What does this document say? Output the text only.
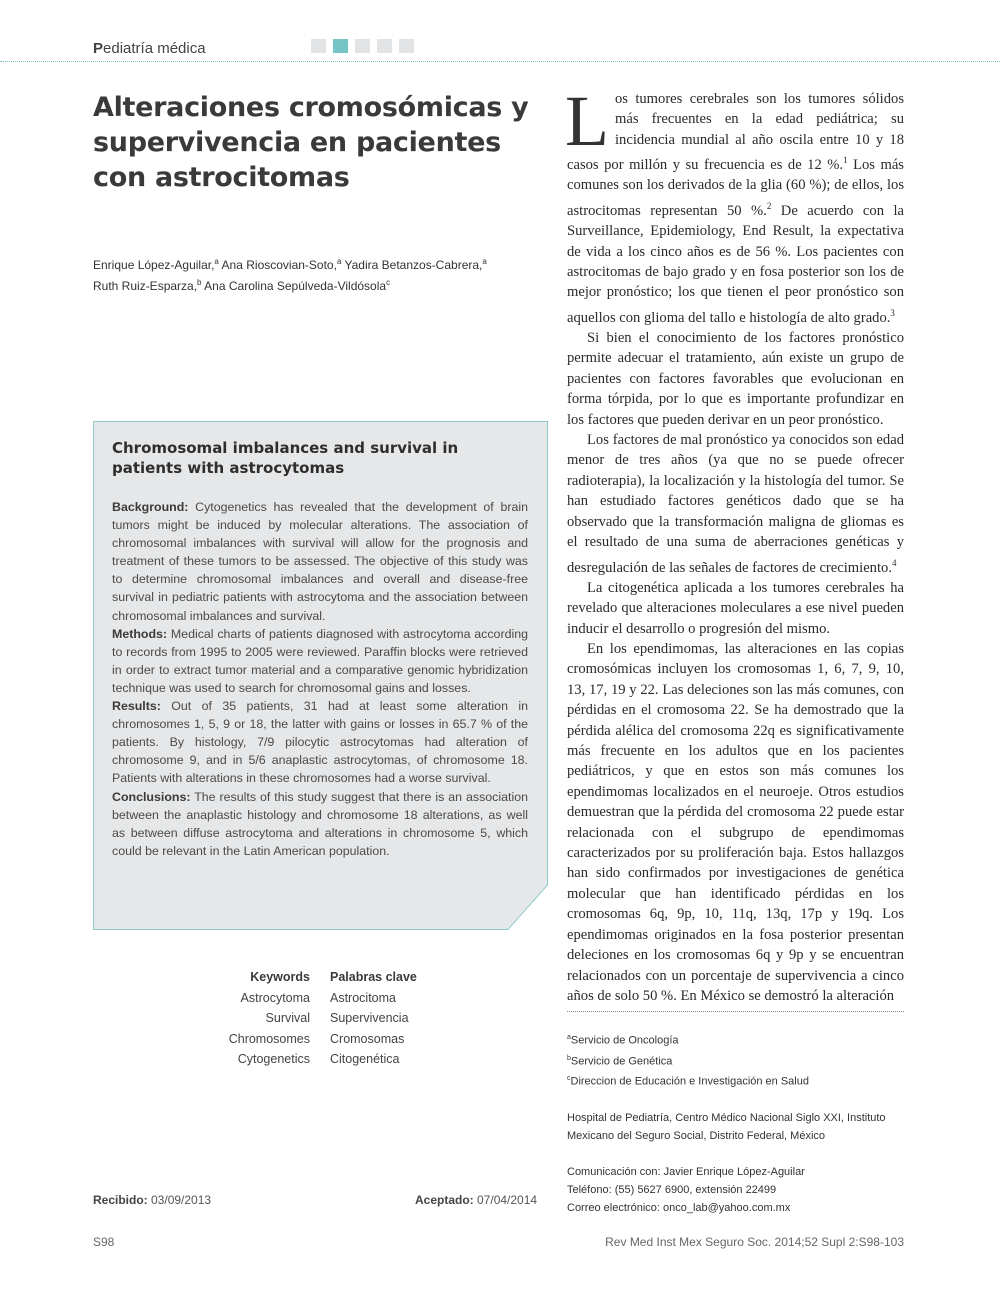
Pediatría médica
Alteraciones cromosómicas y supervivencia en pacientes con astrocitomas
Enrique López-Aguilar,$^a$ Ana Rioscovian-Soto,$^a$ Yadira Betanzos-Cabrera,$^a$
Ruth Ruiz-Esparza,$^b$ Ana Carolina Sepúlveda-Vildósola$^c$
Chromosomal imbalances and survival in patients with astrocytomas

Background: Cytogenetics has revealed that the development of brain tumors might be induced by molecular alterations. The association of chromosomal imbalances with survival will allow for the prognosis and treatment of these tumors to be assessed. The objective of this study was to determine chromosomal imbalances and overall and disease-free survival in pediatric patients with astrocytoma and the association between chromosomal imbalances and survival.

Methods: Medical charts of patients diagnosed with astrocytoma according to records from 1995 to 2005 were reviewed. Paraffin blocks were retrieved in order to extract tumor material and a comparative genomic hybridization technique was used to search for chromosomal gains and losses.

Results: Out of 35 patients, 31 had at least some alteration in chromosomes 1, 5, 9 or 18, the latter with gains or losses in 65.7 % of the patients. By histology, 7/9 pilocytic astrocytomas had alteration of chromosome 9, and in 5/6 anaplastic astrocytomas, of chromosome 18. Patients with alterations in these chromosomes had a worse survival.

Conclusions: The results of this study suggest that there is an association between the anaplastic histology and chromosome 18 alterations, as well as between diffuse astrocytoma and alterations in chromosome 5, which could be relevant in the Latin American population.

Keywords
Astrocytoma
Survival
Chromosomes
Cytogenetics
Palabras clave
Astrocitoma
Supervivencia
Cromosomas
Citogenética
Recibido: 03/09/2013	Aceptado: 07/04/2014

Los tumores cerebrales son los tumores sólidos más frecuentes en la edad pediátrica; su incidencia mundial al año oscila entre 10 y 18 casos por millón y su frecuencia es de 12 %.$^1$ Los más comunes son los derivados de la glia (60 %); de ellos, los astrocitomas representan 50 %.$^2$ De acuerdo con la Surveillance, Epidemiology, End Result, la expectativa de vida a los cinco años es de 56 %. Los pacientes con astrocitomas de bajo grado y en fosa posterior son los de mejor pronóstico; los que tienen el peor pronóstico son aquellos con glioma del tallo e histología de alto grado.$^3$

Si bien el conocimiento de los factores pronóstico permite adecuar el tratamiento, aún existe un grupo de pacientes con factores favorables que evolucionan en forma tórpida, por lo que es importante profundizar en los factores que pueden derivar en un peor pronóstico.

Los factores de mal pronóstico ya conocidos son edad menor de tres años (ya que no se puede ofrecer radioterapia), la localización y la histología del tumor. Se han estudiado factores genéticos dado que se ha observado que la transformación maligna de gliomas es el resultado de una suma de aberraciones genéticas y desregulación de las señales de factores de crecimiento.$^4$

La citogenética aplicada a los tumores cerebrales ha revelado que alteraciones moleculares a ese nivel pueden inducir el desarrollo o progresión del mismo.

En los ependimomas, las alteraciones en las copias cromosómicas incluyen los cromosomas 1, 6, 7, 9, 10, 13, 17, 19 y 22. Las deleciones son las más comunes, con pérdidas en el cromosoma 22. Se ha demostrado que la pérdida alélica del cromosoma 22q es significativamente más frecuente en los adultos que en los pacientes pediátricos, y que en estos son más comunes los ependimomas localizados en el neuroeje. Otros estudios demuestran que la pérdida del cromosoma 22 puede estar relacionada con el subgrupo de ependimomas caracterizados por su proliferación baja. Estos hallazgos han sido confirmados por investigaciones de genética molecular que han identificado pérdidas en los cromosomas 6q, 9p, 10, 11q, 13q, 17p y 19q. Los ependimomas originados en la fosa posterior presentan deleciones en los cromosomas 6q y 9p y se encuentran relacionados con un porcentaje de supervivencia a cinco años de solo 50 %. En México se demostró la alteración

$^a$Servicio de Oncología
$^b$Servicio de Genética
$^c$Direccion de Educación e Investigación en Salud
Hospital de Pediatría, Centro Médico Nacional Siglo XXI, Instituto
Mexicano del Seguro Social, Distrito Federal, México
Comunicación con: Javier Enrique López-Aguilar
Teléfono: (55) 5627 6900, extensión 22499
Correo electrónico: onco_lab@yahoo.com.mx
S98	Rev Med Inst Mex Seguro Soc. 2014;52 Supl 2:S98-103
